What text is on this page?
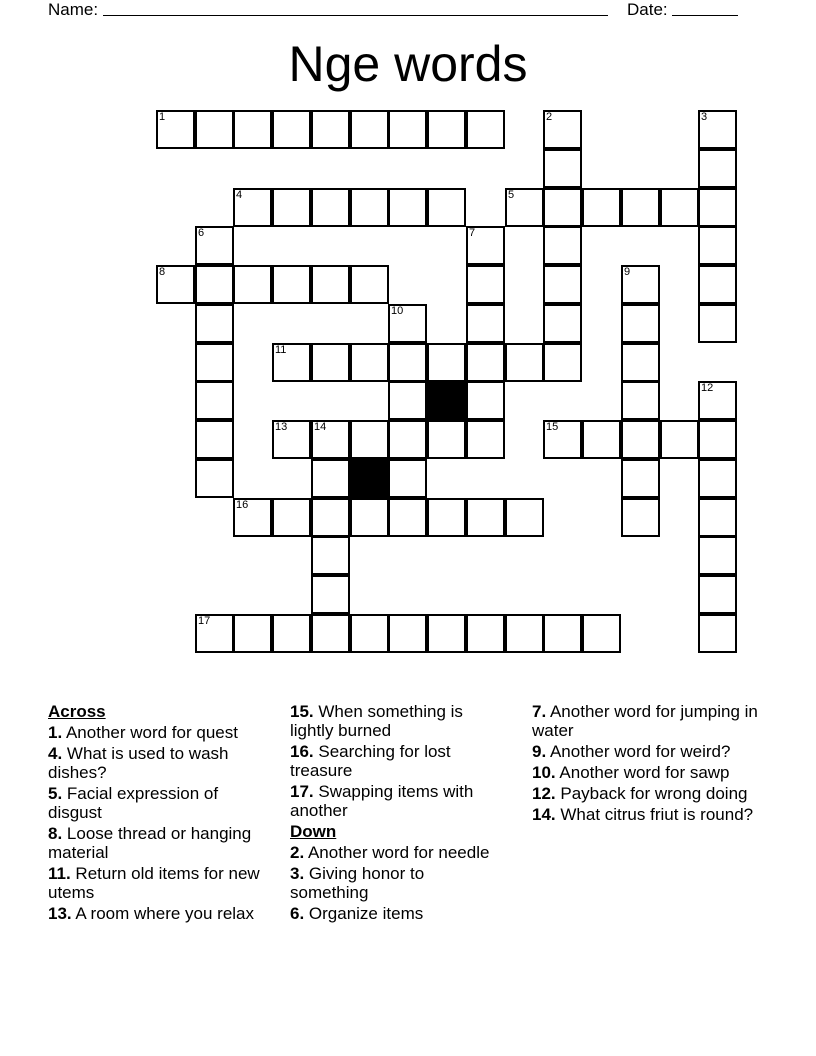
Name:	Date:
Nge words
1	2	3
4	5
6	7
8	9
10
11
12
13 14	15
16
17
Across
1. Another word for quest
4. What is used to wash dishes?
5. Facial expression of disgust
8. Loose thread or hanging material
11. Return old items for new utems
13. A room where you relax
15. When something is lightly burned
16. Searching for lost treasure
17. Swapping items with another
Down
2. Another word for needle
3. Giving honor to something
6. Organize items
7. Another word for jumping in water
9. Another word for weird?
10. Another word for sawp
12. Payback for wrong doing
14. What citrus friut is round?
